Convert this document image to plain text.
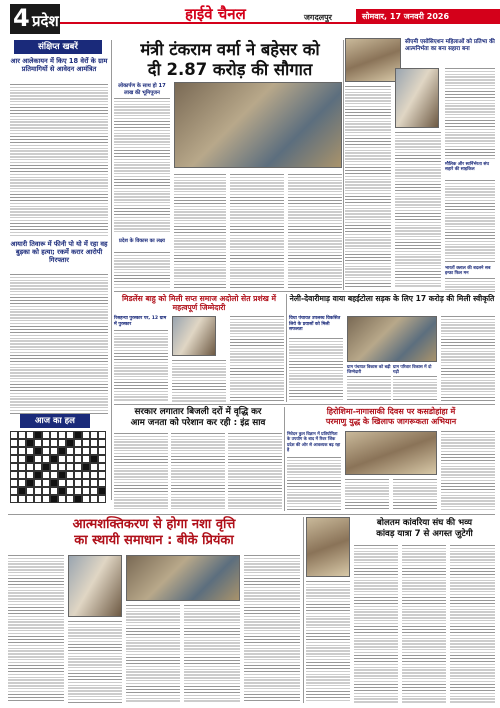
4 प्रदेश	हाईवे चैनल	जगदलपुर	सोमवार, 17 जनवरी 2026
संक्षिप्त खबरें
आर आलेकायन में किए 18 वेरों के ग्राम प्रतिमागियों से आवेदन आमंत्रित
आयारी तिवारू में फीनी पो यो में रहा वह बुड़का को हत्या; रकमें करार आरोपी गिरफ्तार
आज का हल
मंत्री टंकराम वर्मा ने बहेसर को
दी 2.87 करोड़ की सौगात
लोकार्पण के साथ हो 17 लाख की भूमिपूजन
प्रदेश के विकास का लक्ष्य
सीएमी एसोसिएशन महिलाओं को प्रतिभा की आत्मनिर्भता का बना सहारा बना
मौलिक और स्वर्निर्भरता संघ सहारे की साइकिल
भारतों क्लाल की बदलने सब इन्फ्रा फिल मन
मिडलेंस बाहु को मिली सप्त समाज अदोलो सेत प्रशंख में महत्वपूर्ण जिम्मेदारी
रिसहन्या पुरस्कार पर, 12 ग्राम में पुरस्कार
नेली-देवारीमाड़ वाया बहईटोला सड़क के लिए 17 करोड़ की मिली स्वीकृति
विधा पंचायत उपलब्ध विकसित लिये के प्रयासों को मिली सफलता
ग्राम पंचायत विकास को बढ़ी जिम्मेदारी
ग्राम परिवार विकास में दो गढ़ी
सरकार लगातार बिजली दरों में वृद्धि कर
आम जनता को परेशान कर रही : इंद्र साव
हिरोशिमा-नागासाकी दिवस पर कसडोहांहा में
परमाणु युद्ध के खिलाफ जागरूकता अभियान
निवेदन कुल विज्ञान में प्रतियोगिता के उपयोग के बाद में रिवर जिंक प्रदेश की ओर से आवश्यक बढ़ रहा है
आत्मशक्तिकरण से होगा नशा वृत्ति
का स्थायी समाधान : बीके प्रियंका
बोलतम कांवरिया संघ की भव्य
कांवड़ यात्रा 7 से अगस्त जुटेगी
